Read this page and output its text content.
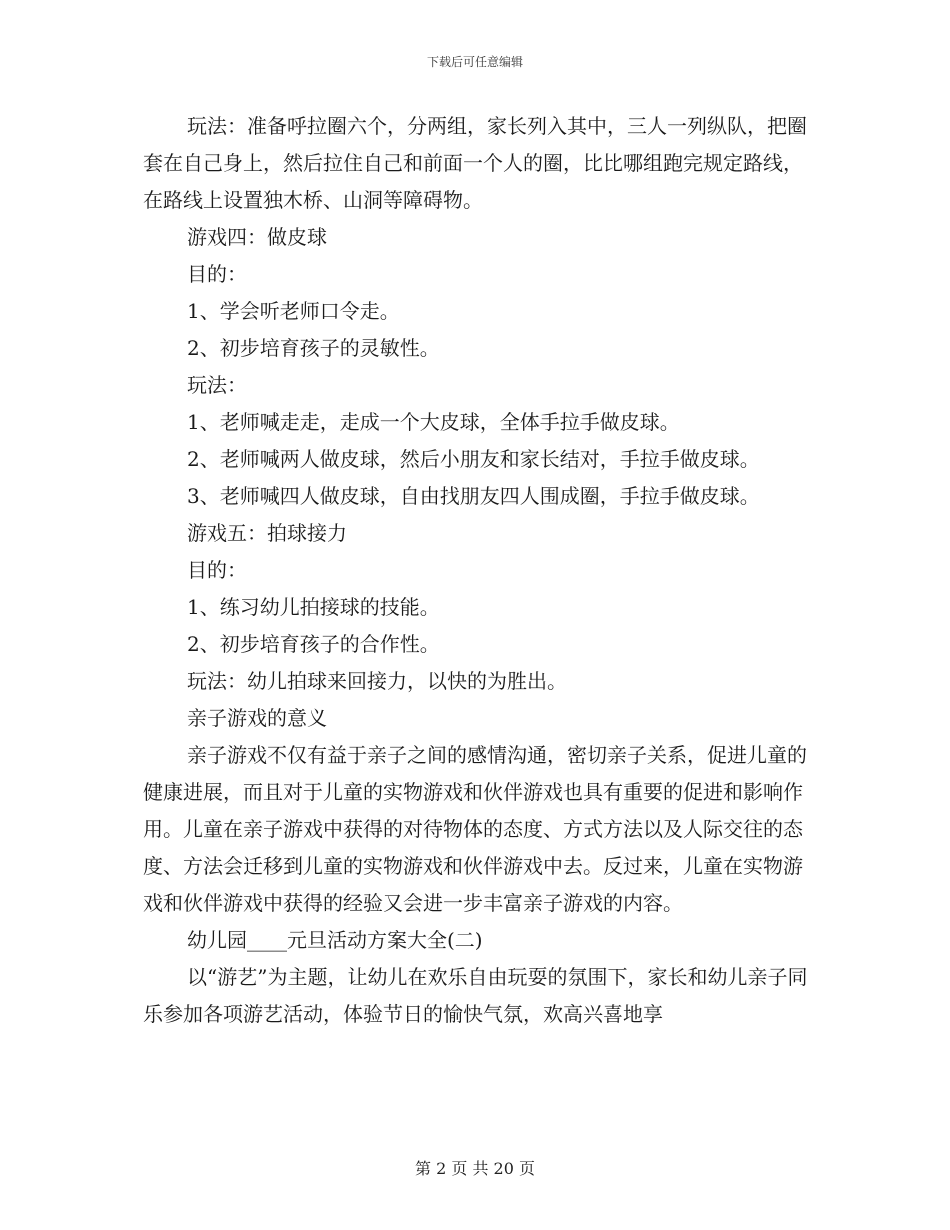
下载后可任意编辑

玩法：准备呼拉圈六个，分两组，家长列入其中，三人一列纵队，把圈套在自己身上，然后拉住自己和前面一个人的圈，比比哪组跑完规定路线，在路线上设置独木桥、山洞等障碍物。

游戏四：做皮球

目的：

1、学会听老师口令走。

2、初步培育孩子的灵敏性。

玩法：

1、老师喊走走，走成一个大皮球，全体手拉手做皮球。

2、老师喊两人做皮球，然后小朋友和家长结对，手拉手做皮球。

3、老师喊四人做皮球，自由找朋友四人围成圈，手拉手做皮球。

游戏五：拍球接力

目的：

1、练习幼儿拍接球的技能。

2、初步培育孩子的合作性。

玩法：幼儿拍球来回接力，以快的为胜出。

亲子游戏的意义

亲子游戏不仅有益于亲子之间的感情沟通，密切亲子关系，促进儿童的健康进展，而且对于儿童的实物游戏和伙伴游戏也具有重要的促进和影响作用。儿童在亲子游戏中获得的对待物体的态度、方式方法以及人际交往的态度、方法会迁移到儿童的实物游戏和伙伴游戏中去。反过来，儿童在实物游戏和伙伴游戏中获得的经验又会进一步丰富亲子游戏的内容。

幼儿园____元旦活动方案大全(二)

以“游艺”为主题，让幼儿在欢乐自由玩耍的氛围下，家长和幼儿亲子同乐参加各项游艺活动，体验节日的愉快气氛，欢高兴喜地享

第 2 页 共 20 页
